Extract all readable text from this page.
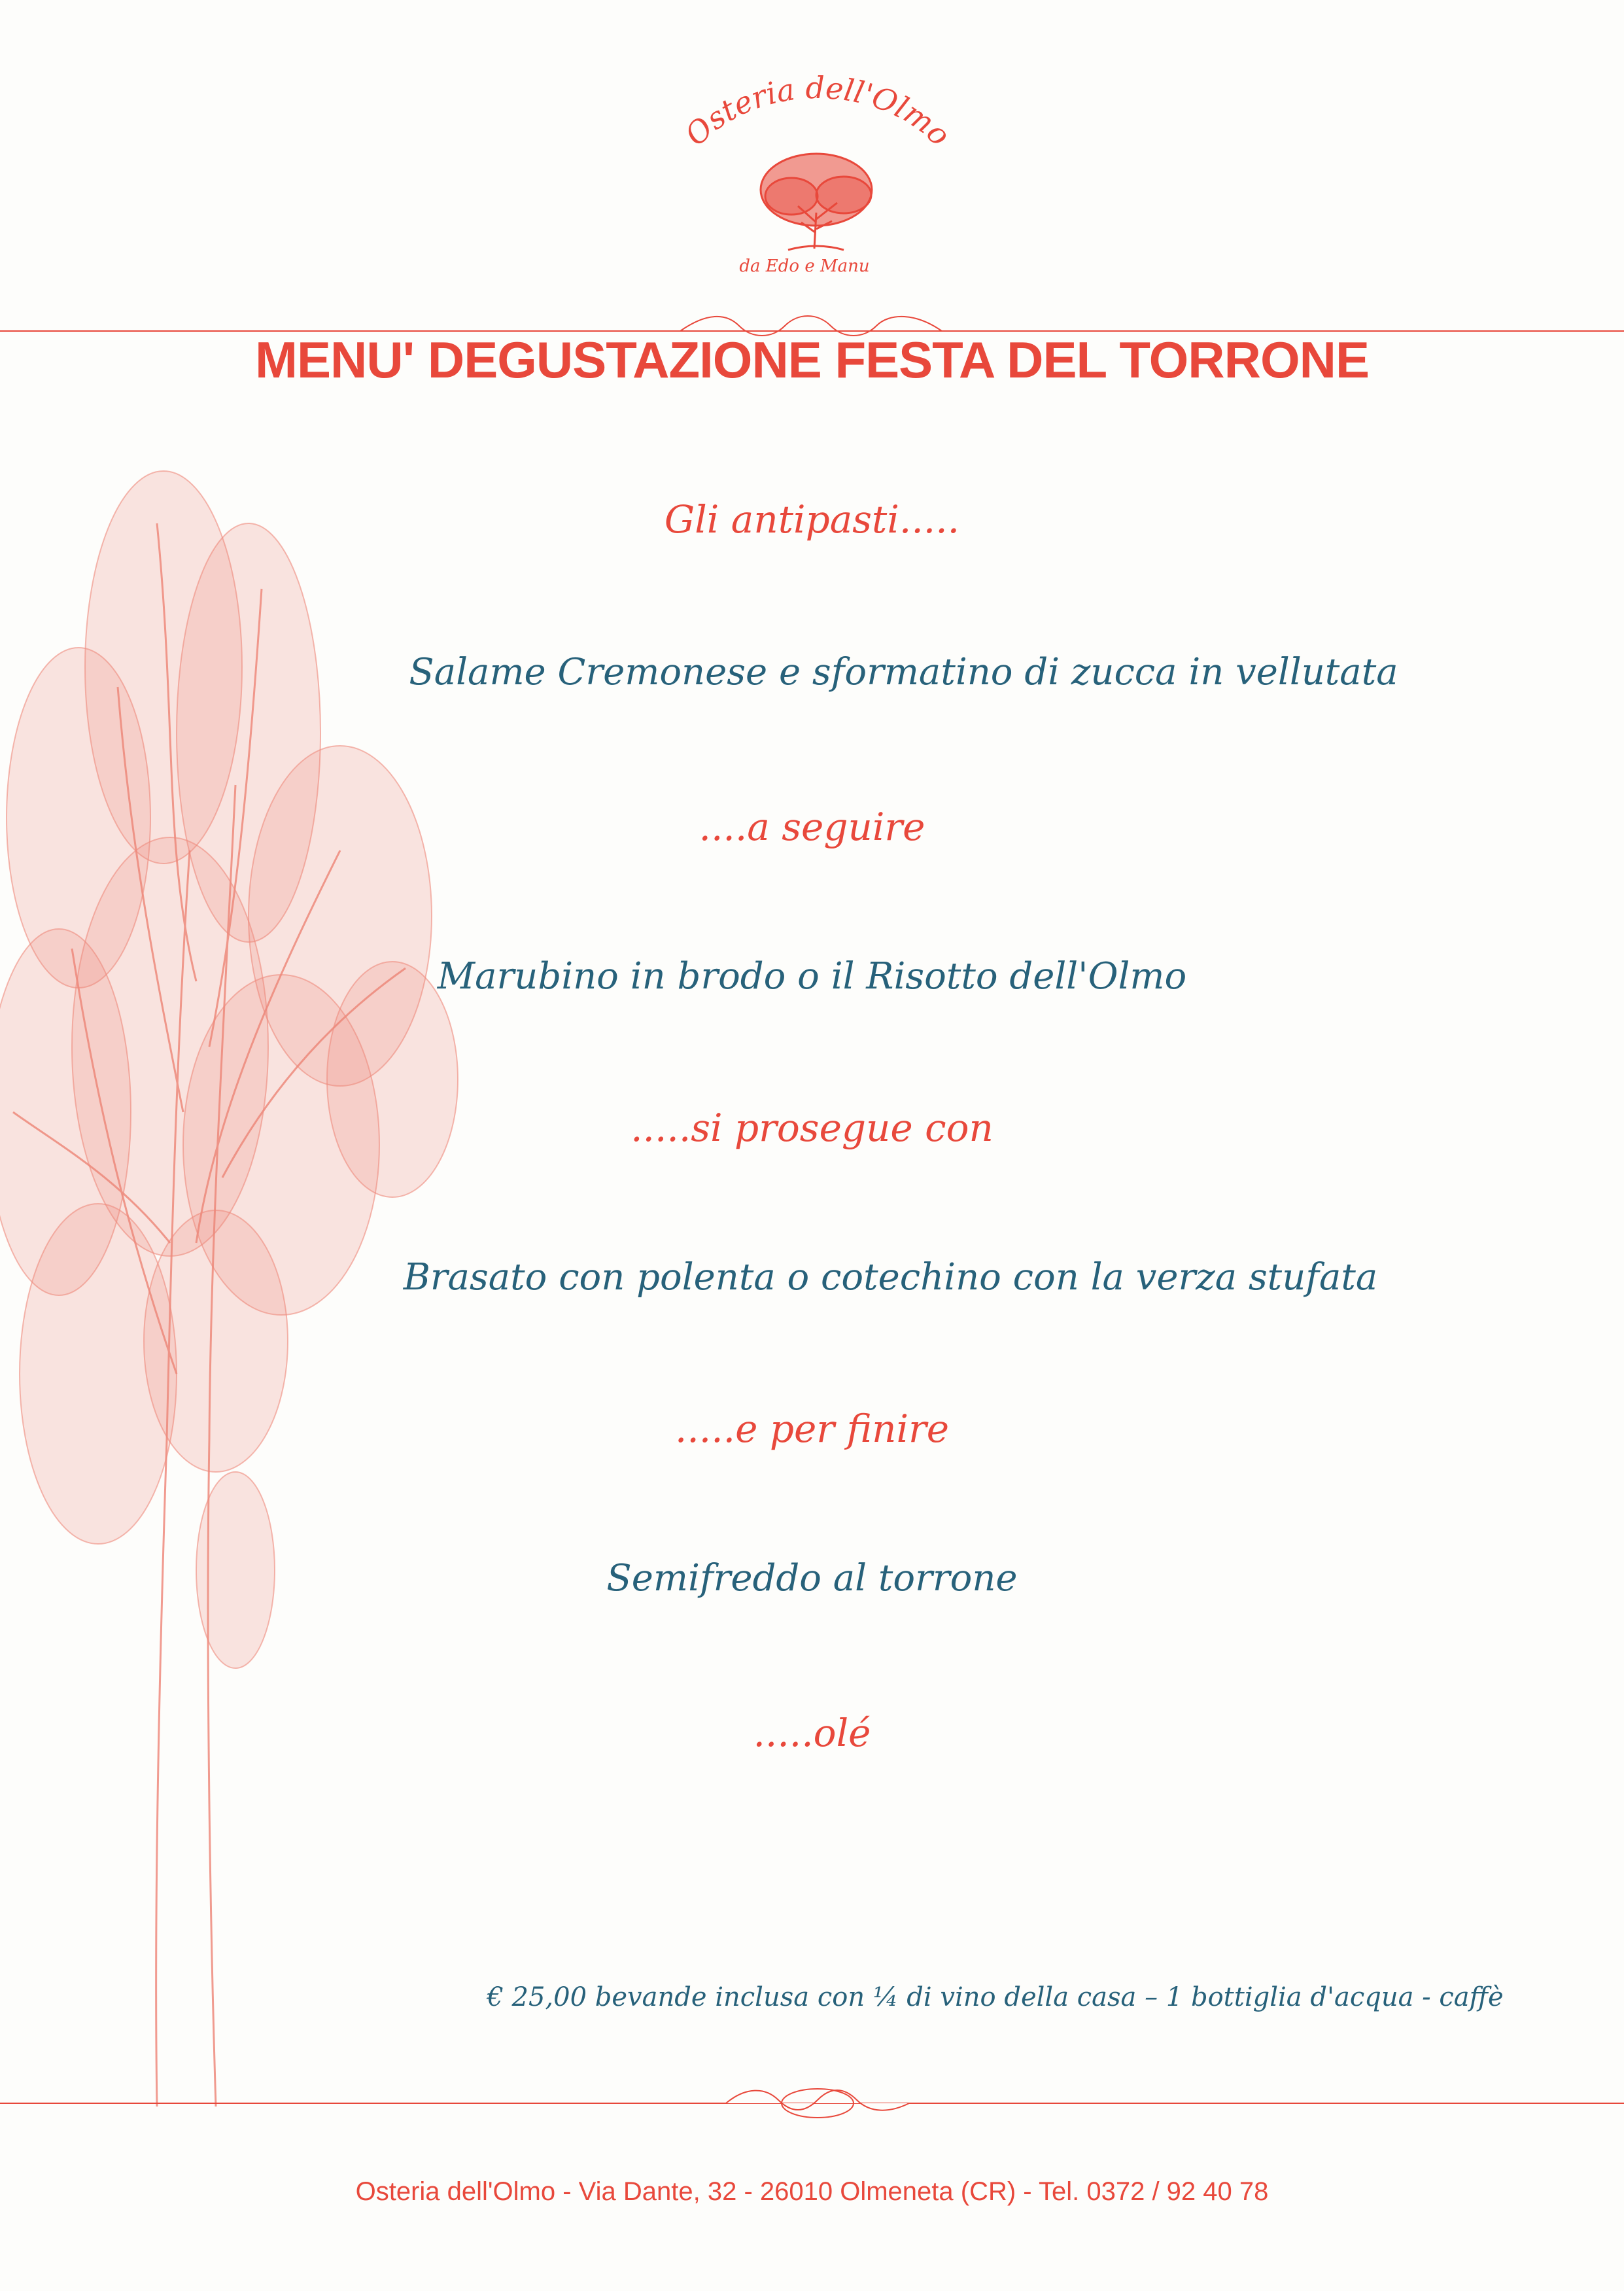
Osteria dell'Olmo
da Edo e Manu
MENU' DEGUSTAZIONE FESTA DEL TORRONE
Gli antipasti.....
Salame Cremonese e sformatino di zucca in vellutata
....a seguire
Marubino in brodo o il Risotto dell'Olmo
.....si prosegue con
Brasato con polenta o cotechino con la verza stufata
.....e per finire
Semifreddo al torrone
.....olé
€ 25,00 bevande inclusa con ¼ di vino della casa – 1 bottiglia d'acqua - caffè
Osteria dell'Olmo - Via Dante, 32 - 26010 Olmeneta (CR) - Tel. 0372 / 92 40 78
